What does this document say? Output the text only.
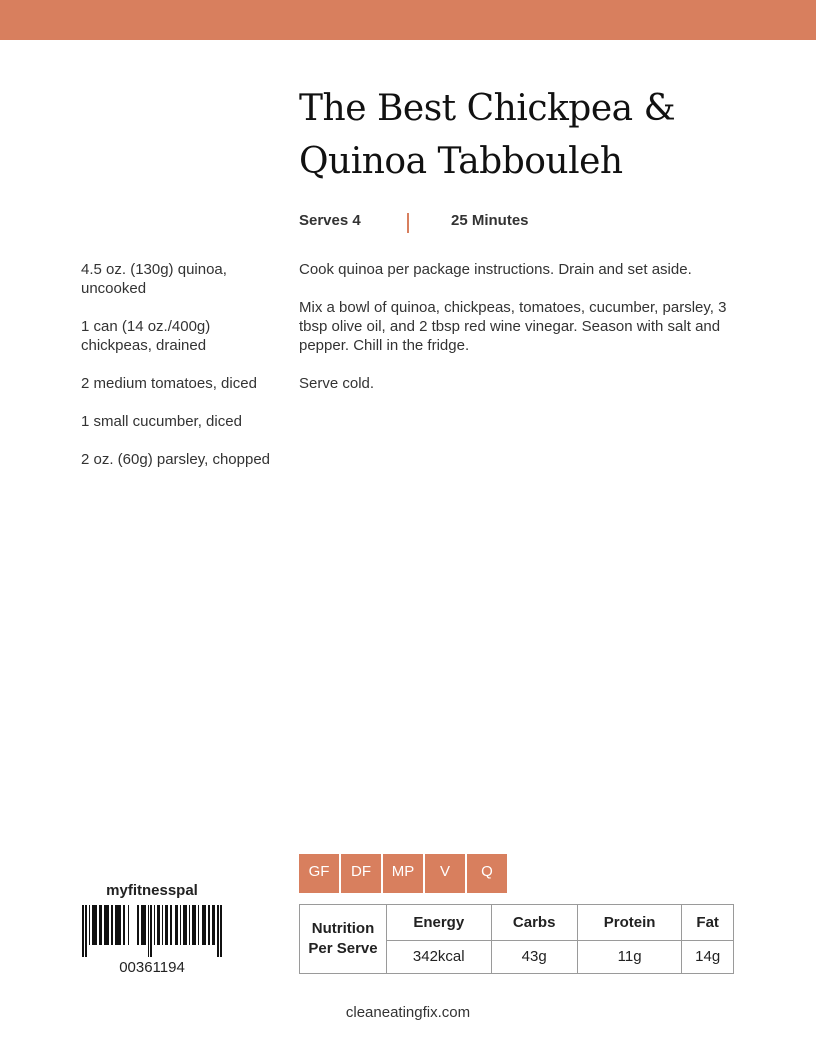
The Best Chickpea &
Quinoa Tabbouleh
Serves 4	25 Minutes
4.5 oz. (130g) quinoa, uncooked
1 can (14 oz./400g) chickpeas, drained
2 medium tomatoes, diced
1 small cucumber, diced
2 oz. (60g) parsley, chopped

Cook quinoa per package instructions. Drain and set aside.

Mix a bowl of quinoa, chickpeas, tomatoes, cucumber, parsley, 3 tbsp olive oil, and 2 tbsp red wine vinegar. Season with salt and pepper. Chill in the fridge.

Serve cold.

myfitnesspal
00361194
GF	DF	MP	V	Q
Nutrition Per Serve	Energy	Carbs	Protein	Fat
	342kcal	43g	11g	14g
cleaneatingfix.com
